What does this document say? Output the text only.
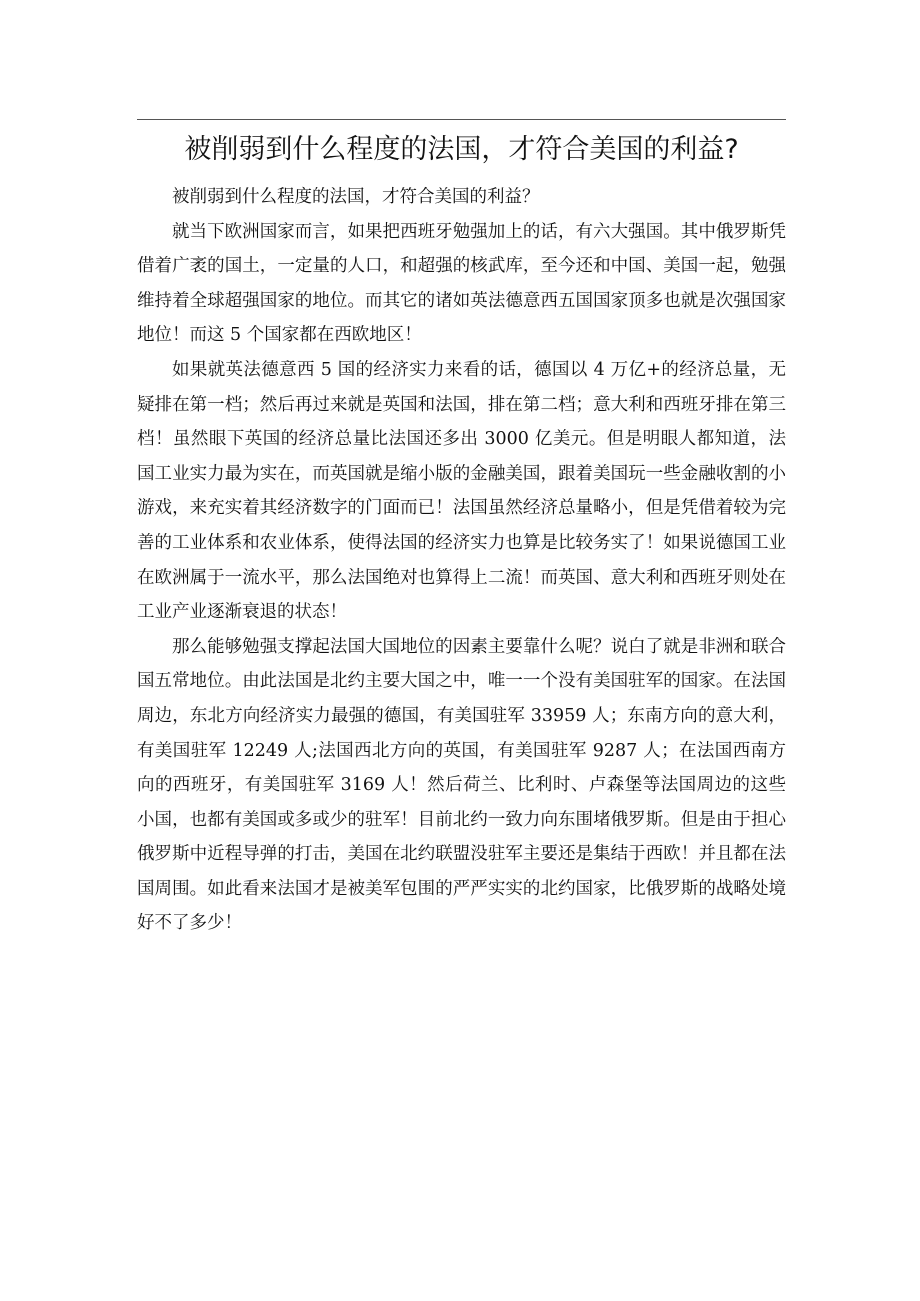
被削弱到什么程度的法国，才符合美国的利益?

被削弱到什么程度的法国，才符合美国的利益？

就当下欧洲国家而言，如果把西班牙勉强加上的话，有六大强国。其中俄罗斯凭借着广袤的国土，一定量的人口，和超强的核武库，至今还和中国、美国一起，勉强维持着全球超强国家的地位。而其它的诸如英法德意西五国国家顶多也就是次强国家地位！而这 5 个国家都在西欧地区！

如果就英法德意西 5 国的经济实力来看的话，德国以 4 万亿+的经济总量，无疑排在第一档；然后再过来就是英国和法国，排在第二档；意大利和西班牙排在第三档！虽然眼下英国的经济总量比法国还多出 3000 亿美元。但是明眼人都知道，法国工业实力最为实在，而英国就是缩小版的金融美国，跟着美国玩一些金融收割的小游戏，来充实着其经济数字的门面而已！法国虽然经济总量略小，但是凭借着较为完善的工业体系和农业体系，使得法国的经济实力也算是比较务实了！如果说德国工业在欧洲属于一流水平，那么法国绝对也算得上二流！而英国、意大利和西班牙则处在工业产业逐渐衰退的状态！

那么能够勉强支撑起法国大国地位的因素主要靠什么呢？说白了就是非洲和联合国五常地位。由此法国是北约主要大国之中，唯一一个没有美国驻军的国家。在法国周边，东北方向经济实力最强的德国，有美国驻军 33959 人；东南方向的意大利，有美国驻军 12249 人;法国西北方向的英国，有美国驻军 9287 人；在法国西南方向的西班牙，有美国驻军 3169 人！然后荷兰、比利时、卢森堡等法国周边的这些小国，也都有美国或多或少的驻军！目前北约一致力向东围堵俄罗斯。但是由于担心俄罗斯中近程导弹的打击，美国在北约联盟没驻军主要还是集结于西欧！并且都在法国周围。如此看来法国才是被美军包围的严严实实的北约国家，比俄罗斯的战略处境好不了多少！
